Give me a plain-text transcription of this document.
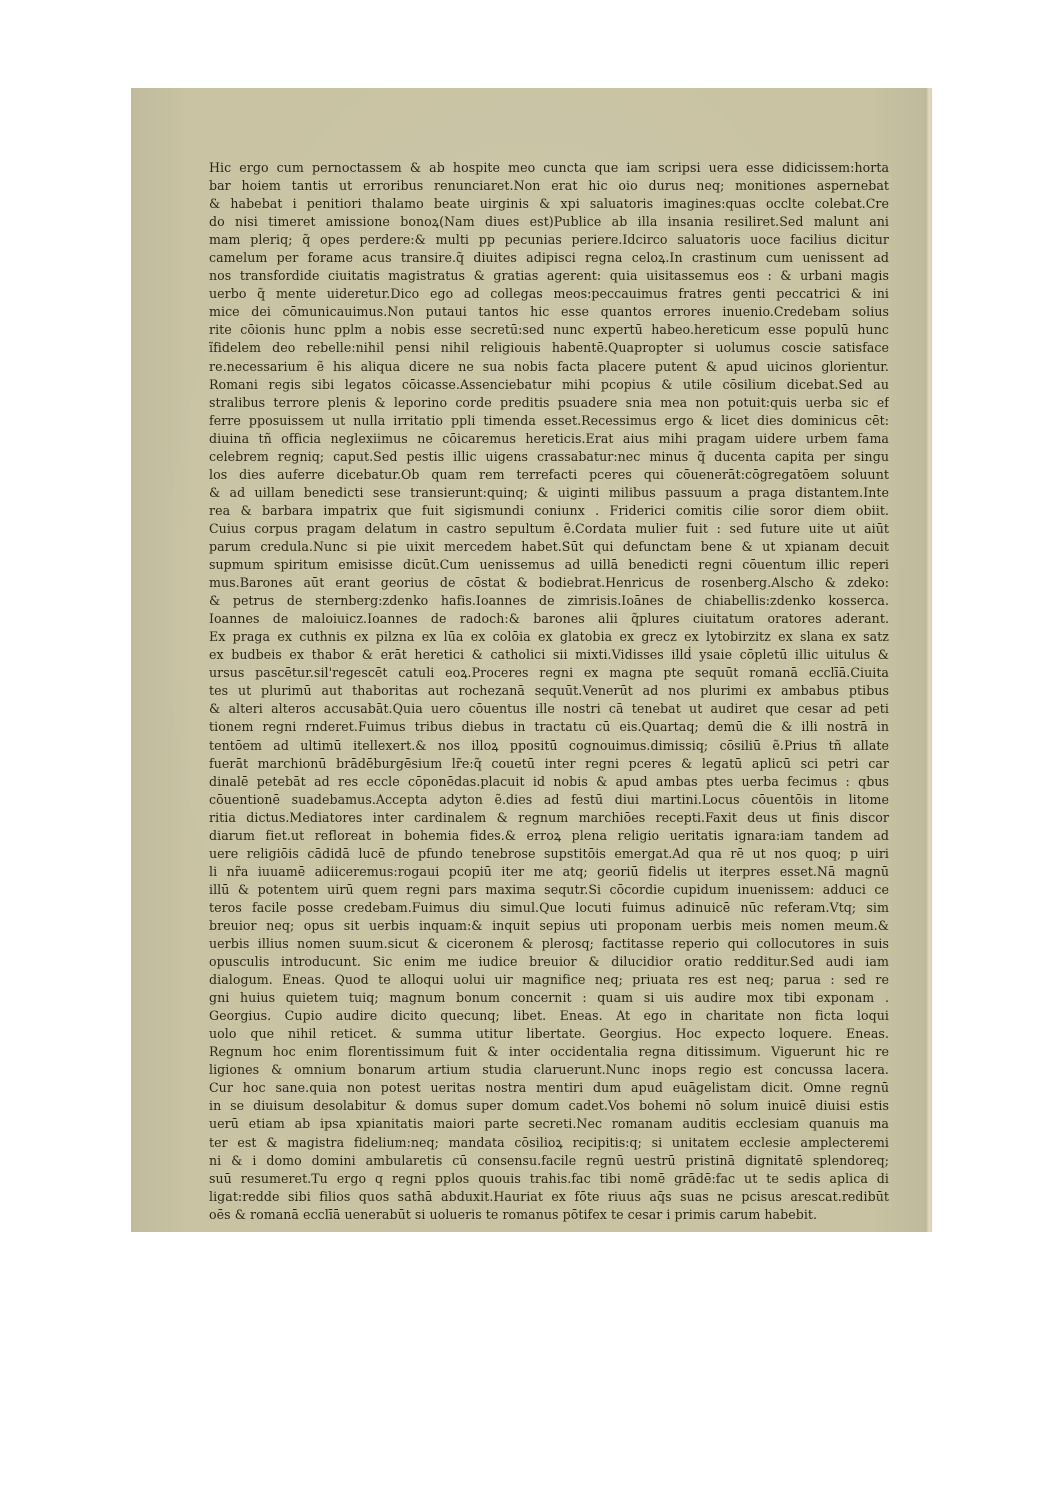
Hic ergo cum pernoctassem & ab hospite meo cuncta que iam scripsi uera esse didicissem:horta
bar hoiem tantis ut erroribus renunciaret.Non erat hic oio durus neq; monitiones aspernebat
& habebat i penitiori thalamo beate uirginis & xpi saluatoris imagines:quas occlte colebat.Cre
do nisi timeret amissione bonoꝝ(Nam diues est)Publice ab illa insania resiliret.Sed malunt ani
mam pleriq; q̃ opes perdere:& multi pp pecunias periere.Idcirco saluatoris uoce facilius dicitur
camelum per forame acus transire.q̃ diuites adipisci regna celoꝝ.In crastinum cum uenissent ad
nos transfordide ciuitatis magistratus & gratias agerent: quia uisitassemus eos : & urbani magis
uerbo q̃ mente uideretur.Dico ego ad collegas meos:peccauimus fratres genti peccatrici & ini
mice dei cōmunicauimus.Non putaui tantos hic esse quantos errores inuenio.Credebam solius
rite cōionis hunc pplm a nobis esse secretū:sed nunc expertū habeo.hereticum esse populū hunc
ĩfidelem deo rebelle:nihil pensi nihil religiouis habentē.Quapropter si uolumus coscie satisface
re.necessarium ẽ his aliqua dicere ne sua nobis facta placere putent & apud uicinos glorientur.
Romani regis sibi legatos cōicasse.Assenciebatur mihi pcopius & utile cōsilium dicebat.Sed au
stralibus terrore plenis & leporino corde preditis psuadere snia mea non potuit:quis uerba sic ef
ferre pposuissem ut nulla irritatio ppli timenda esset.Recessimus ergo & licet dies dominicus cēt:
diuina tñ officia neglexiimus ne cōicaremus hereticis.Erat aius mihi pragam uidere urbem fama
celebrem regniq; caput.Sed pestis illic uigens crassabatur:nec minus q̃ ducenta capita per singu
los dies auferre dicebatur.Ob quam rem terrefacti pceres qui cōuenerāt:cōgregatōem soluunt
& ad uillam benedicti sese transierunt:quinq; & uiginti milibus passuum a praga distantem.Inte
rea & barbara impatrix que fuit sigismundi coniunx . Friderici comitis cilie soror diem obiit.
Cuius corpus pragam delatum in castro sepultum ẽ.Cordata mulier fuit : sed future uite ut aiūt
parum credula.Nunc si pie uixit mercedem habet.Sūt qui defunctam bene & ut xpianam decuit
supmum spiritum emisisse dicūt.Cum uenissemus ad uillā benedicti regni cōuentum illic reperi
mus.Barones aūt erant georius de cōstat & bodiebrat.Henricus de rosenberg.Alscho & zdeko:
& petrus de sternberg:zdenko hafis.Ioannes de zimrisis.Ioānes de chiabellis:zdenko kosserca.
Ioannes de maloiuicz.Ioannes de radoch:& barones alii q̃plures ciuitatum oratores aderant.
Ex praga ex cuthnis ex pilzna ex lūa ex colōia ex glatobia ex grecz ex lytobirzitz ex slana ex satz
ex budbeis ex thabor & erāt heretici & catholici sii mixti.Vidisses illḋ ysaie cōpletū illic uitulus &
ursus pascētur.sil'regescēt catuli eoꝝ.Proceres regni ex magna pte sequūt romanā ecclīā.Ciuita
tes ut plurimū aut thaboritas aut rochezanā sequūt.Venerūt ad nos plurimi ex ambabus ptibus
& alteri alteros accusabāt.Quia uero cōuentus ille nostri cā tenebat ut audiret que cesar ad peti
tionem regni rnderet.Fuimus tribus diebus in tractatu cū eis.Quartaq; demū die & illi nostrā in
tentōem ad ultimū itellexert.& nos illoꝝ ppositū cognouimus.dimissiq; cōsiliū ẽ.Prius tñ allate
fuerāt marchionū brādēburgēsium lr̃e:q̃ couetū inter regni pceres & legatū aplicū sci petri car
dinalē petebāt ad res eccle cōponēdas.placuit id nobis & apud ambas ptes uerba fecimus : qbus
cōuentionē suadebamus.Accepta adyton ẽ.dies ad festū diui martini.Locus cōuentōis in litome
ritia dictus.Mediatores inter cardinalem & regnum marchiōes recepti.Faxit deus ut finis discor
diarum fiet.ut refloreat in bohemia fides.& erroꝝ plena religio ueritatis ignara:iam tandem ad
uere religiōis cādidā lucē de pfundo tenebrose supstitōis emergat.Ad qua rē ut nos quoq; p uiri
li nr̃a iuuamē adiiceremus:rogaui pcopiū iter me atq; georiū fidelis ut iterpres esset.Nā magnū
illū & potentem uirū quem regni pars maxima sequtr.Si cōcordie cupidum inuenissem: adduci ce
teros facile posse credebam.Fuimus diu simul.Que locuti fuimus adinuicē nūc referam.Vtq; sim
breuior neq; opus sit uerbis inquam:& inquit sepius uti proponam uerbis meis nomen meum.&
uerbis illius nomen suum.sicut & ciceronem & plerosq; factitasse reperio qui collocutores in suis
opusculis introducunt. Sic enim me iudice breuior & dilucidior oratio redditur.Sed audi iam
dialogum. Eneas. Quod te alloqui uolui uir magnifice neq; priuata res est neq; parua : sed re
gni huius quietem tuiq; magnum bonum concernit : quam si uis audire mox tibi exponam .
Georgius. Cupio audire dicito quecunq; libet. Eneas. At ego in charitate non ficta loqui
uolo que nihil reticet. & summa utitur libertate. Georgius. Hoc expecto loquere. Eneas.
Regnum hoc enim florentissimum fuit & inter occidentalia regna ditissimum. Viguerunt hic re
ligiones & omnium bonarum artium studia claruerunt.Nunc inops regio est concussa lacera.
Cur hoc sane.quia non potest ueritas nostra mentiri dum apud euāgelistam dicit. Omne regnū
in se diuisum desolabitur & domus super domum cadet.Vos bohemi nō solum inuicē diuisi estis
uerū etiam ab ipsa xpianitatis maiori parte secreti.Nec romanam auditis ecclesiam quanuis ma
ter est & magistra fidelium:neq; mandata cōsilioꝝ recipitis:q; si unitatem ecclesie amplecteremi
ni & i domo domini ambularetis cū consensu.facile regnū uestrū pristinā dignitatē splendoreq;
suū resumeret.Tu ergo q regni pplos quouis trahis.fac tibi nomē grādē:fac ut te sedis aplica di
ligat:redde sibi filios quos sathā abduxit.Hauriat ex fōte riuus aq̄s suas ne pcisus arescat.redibūt
oēs & romanā ecclīā uenerabūt si uolueris te romanus pōtifex te cesar i primis carum habebit.
